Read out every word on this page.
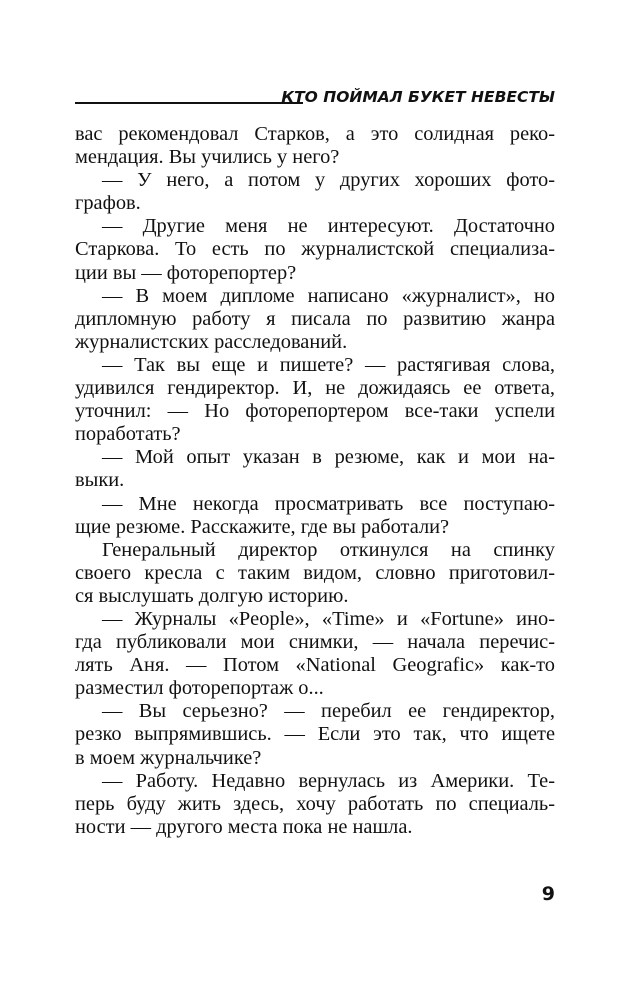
КТО ПОЙМАЛ БУКЕТ НЕВЕСТЫ
вас рекомендовал Старков, а это солидная реко-
мендация. Вы учились у него?
— У него, а потом у других хороших фото-
графов.
— Другие меня не интересуют. Достаточно
Старкова. То есть по журналистской специализа-
ции вы — фоторепортер?
— В моем дипломе написано «журналист», но
дипломную работу я писала по развитию жанра
журналистских расследований.
— Так вы еще и пишете? — растягивая слова,
удивился гендиректор. И, не дожидаясь ее ответа,
уточнил: — Но фоторепортером все-таки успели
поработать?
— Мой опыт указан в резюме, как и мои на-
выки.
— Мне некогда просматривать все поступаю-
щие резюме. Расскажите, где вы работали?
Генеральный директор откинулся на спинку
своего кресла с таким видом, словно приготовил-
ся выслушать долгую историю.
— Журналы «People», «Time» и «Fortune» ино-
гда публиковали мои снимки, — начала перечис-
лять Аня. — Потом «National Geografic» как-то
разместил фоторепортаж о...
— Вы серьезно? — перебил ее гендиректор,
резко выпрямившись. — Если это так, что ищете
в моем журнальчике?
— Работу. Недавно вернулась из Америки. Те-
перь буду жить здесь, хочу работать по специаль-
ности — другого места пока не нашла.
9
